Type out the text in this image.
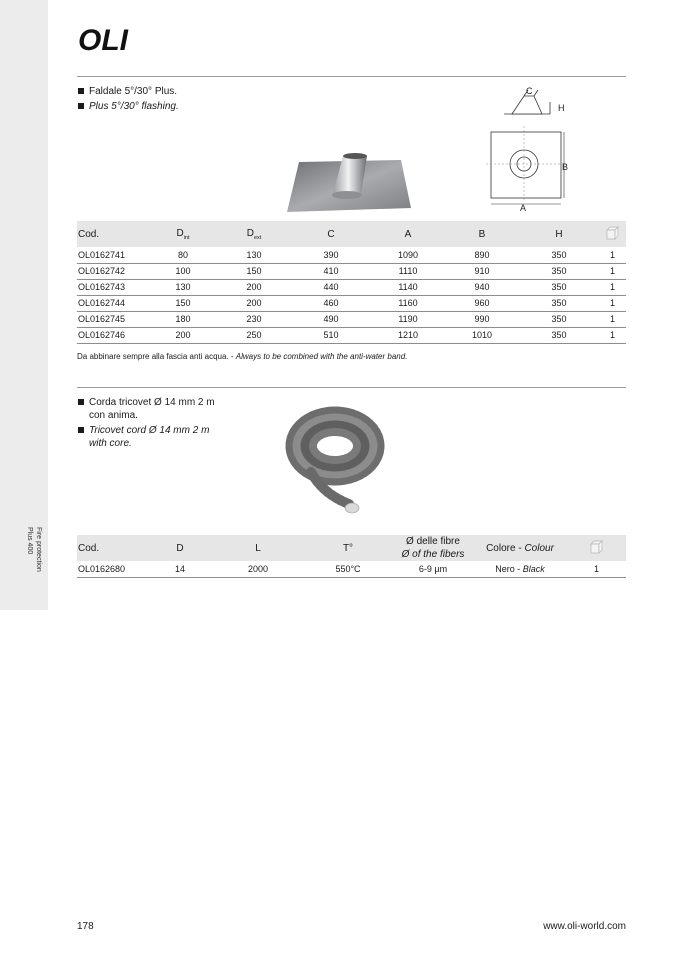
Fire protection
Plus 400
OLI
Faldale 5°/30° Plus.
Plus 5°/30° flashing.
C
H
B
A
Cod.	$D_{int}$	$D_{ext}$	C	A	B	H	
OL0162741	80	130	390	1090	890	350	1
OL0162742	100	150	410	1110	910	350	1
OL0162743	130	200	440	1140	940	350	1
OL0162744	150	200	460	1160	960	350	1
OL0162745	180	230	490	1190	990	350	1
OL0162746	200	250	510	1210	1010	350	1
Da abbinare sempre alla fascia anti acqua. - Always to be combined with the anti-water band.
Corda tricovet Ø 14 mm 2 m
con anima.
Tricovet cord Ø 14 mm 2 m
with core.
Cod.	D	L	T°	Ø delle fibre
Ø of the fibers	Colore - Colour	
OL0162680	14	2000	550°C	6-9 µm	Nero - Black	1
178	www.oli-world.com
